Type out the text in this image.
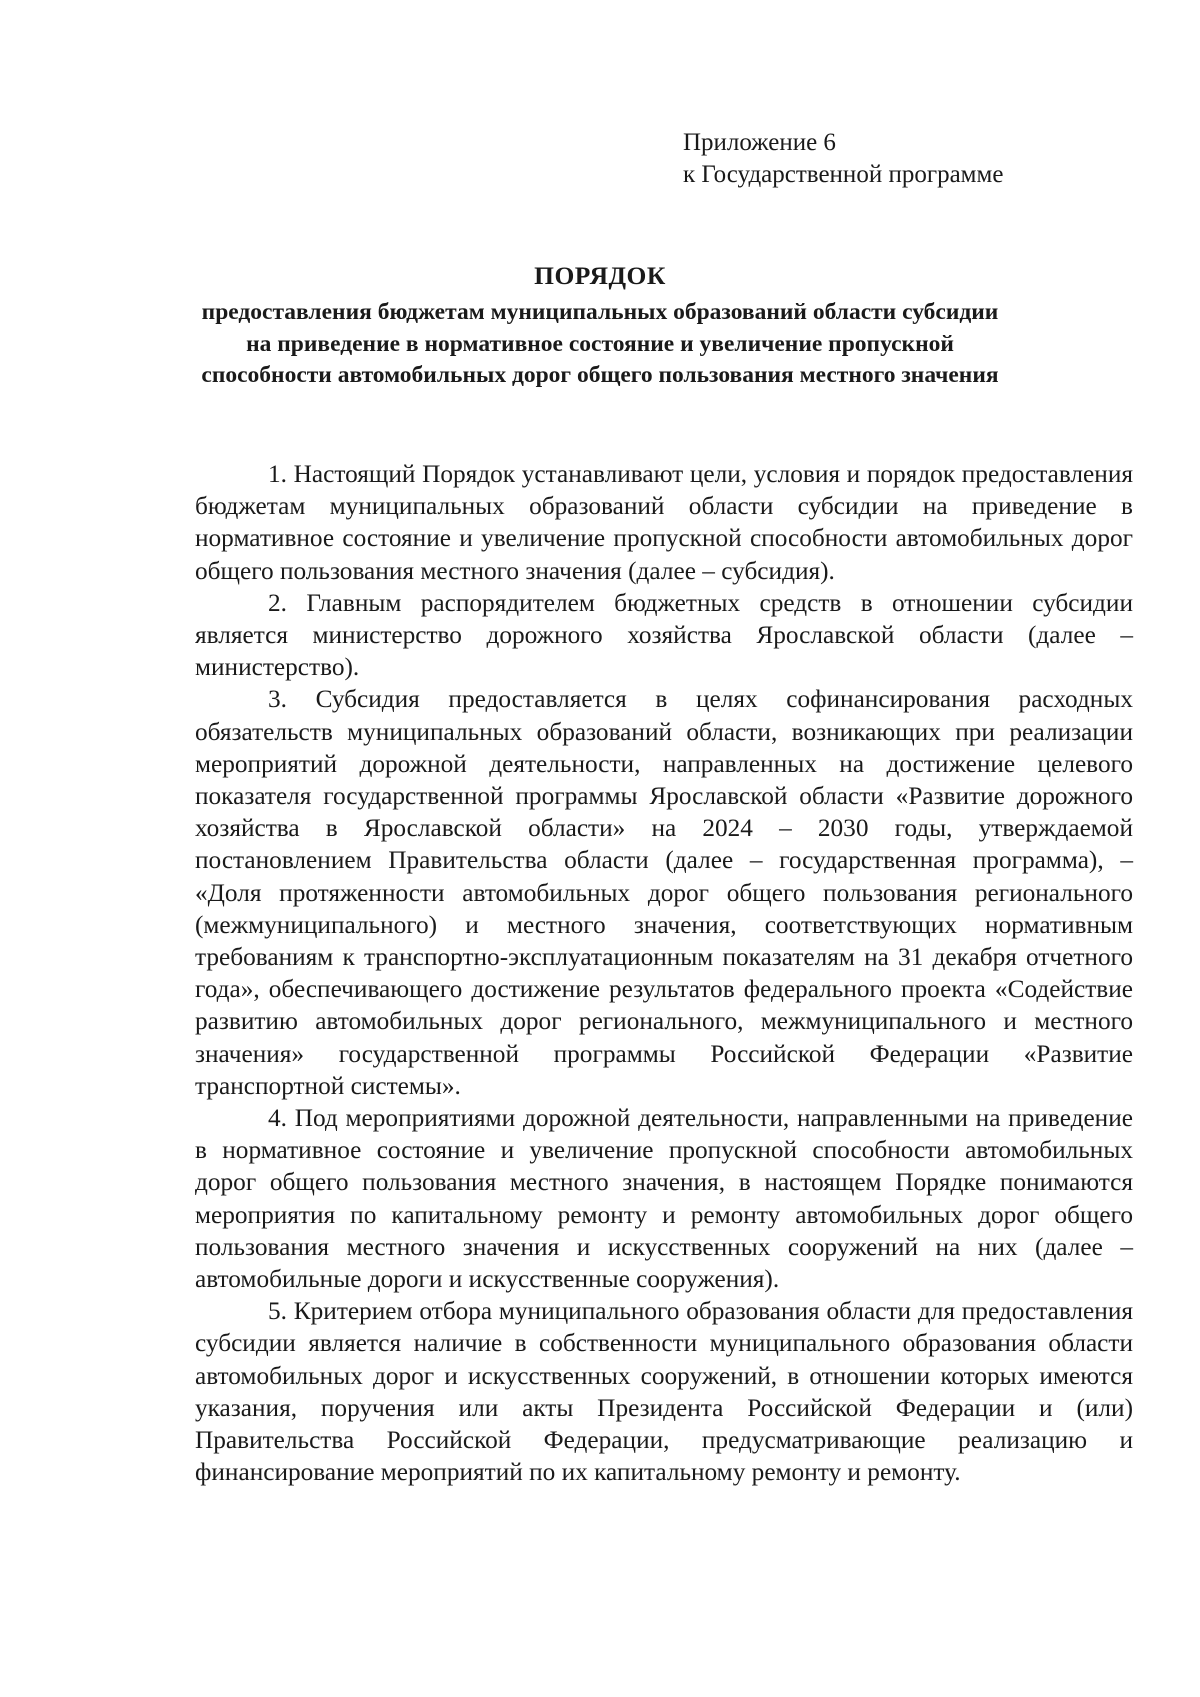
Приложение 6
к Государственной программе
ПОРЯДОК
предоставления бюджетам муниципальных образований области субсидии на приведение в нормативное состояние и увеличение пропускной способности автомобильных дорог общего пользования местного значения

1. Настоящий Порядок устанавливают цели, условия и порядок предоставления бюджетам муниципальных образований области субсидии на приведение в нормативное состояние и увеличение пропускной способности автомобильных дорог общего пользования местного значения (далее – субсидия).

2. Главным распорядителем бюджетных средств в отношении субсидии является министерство дорожного хозяйства Ярославской области (далее – министерство).

3. Субсидия предоставляется в целях софинансирования расходных обязательств муниципальных образований области, возникающих при реализации мероприятий дорожной деятельности, направленных на достижение целевого показателя государственной программы Ярославской области «Развитие дорожного хозяйства в Ярославской области» на 2024 – 2030 годы, утверждаемой постановлением Правительства области (далее – государственная программа), – «Доля протяженности автомобильных дорог общего пользования регионального (межмуниципального) и местного значения, соответствующих нормативным требованиям к транспортно-эксплуатационным показателям на 31 декабря отчетного года», обеспечивающего достижение результатов федерального проекта «Содействие развитию автомобильных дорог регионального, межмуниципального и местного значения» государственной программы Российской Федерации «Развитие транспортной системы».

4. Под мероприятиями дорожной деятельности, направленными на приведение в нормативное состояние и увеличение пропускной способности автомобильных дорог общего пользования местного значения, в настоящем Порядке понимаются мероприятия по капитальному ремонту и ремонту автомобильных дорог общего пользования местного значения и искусственных сооружений на них (далее – автомобильные дороги и искусственные сооружения).

5. Критерием отбора муниципального образования области для предоставления субсидии является наличие в собственности муниципального образования области автомобильных дорог и искусственных сооружений, в отношении которых имеются указания, поручения или акты Президента Российской Федерации и (или) Правительства Российской Федерации, предусматривающие реализацию и финансирование мероприятий по их капитальному ремонту и ремонту.
